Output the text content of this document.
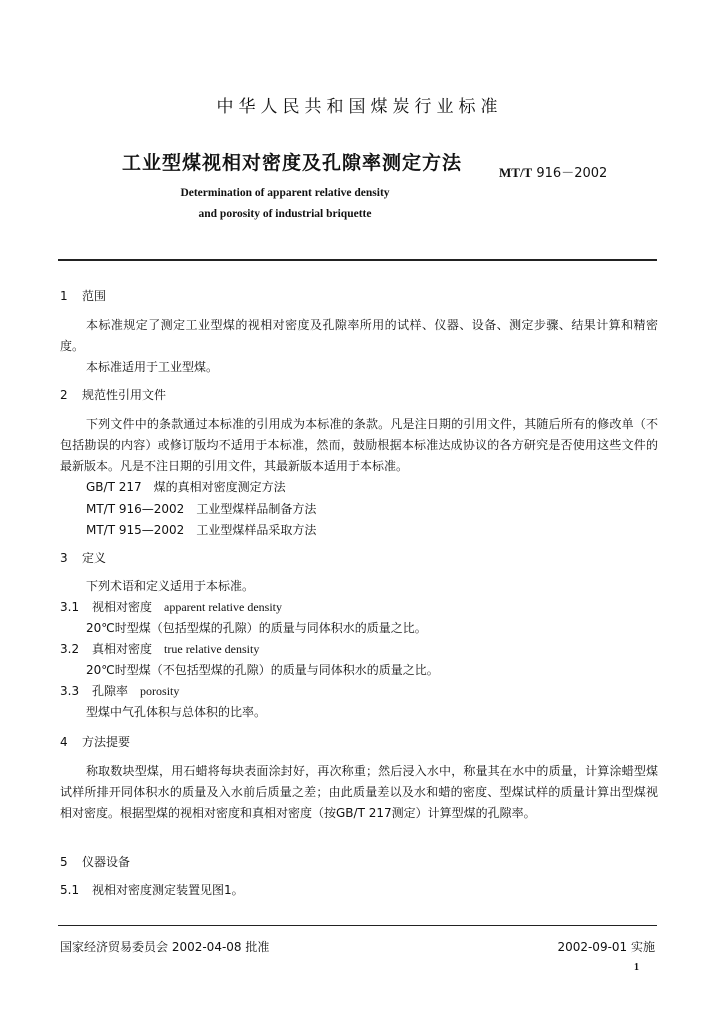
中华人民共和国煤炭行业标准
工业型煤视相对密度及孔隙率测定方法	MT/T 916－2002
Determination of apparent relative density
and porosity of industrial briquette
1 范围
本标准规定了测定工业型煤的视相对密度及孔隙率所用的试样、仪器、设备、测定步骤、结果计算和精密度。
本标准适用于工业型煤。
2 规范性引用文件
下列文件中的条款通过本标准的引用成为本标准的条款。凡是注日期的引用文件，其随后所有的修改单（不包括勘误的内容）或修订版均不适用于本标准，然而，鼓励根据本标准达成协议的各方研究是否使用这些文件的最新版本。凡是不注日期的引用文件，其最新版本适用于本标准。
GB/T 217　煤的真相对密度测定方法
MT/T 916—2002　工业型煤样品制备方法
MT/T 915—2002　工业型煤样品采取方法
3 定义
下列术语和定义适用于本标准。
3.1 视相对密度　 apparent relative density
20℃时型煤（包括型煤的孔隙）的质量与同体积水的质量之比。
3.2 真相对密度　 true relative density
20℃时型煤（不包括型煤的孔隙）的质量与同体积水的质量之比。
3.3 孔隙率　 porosity
型煤中气孔体积与总体积的比率。
4 方法提要
称取数块型煤，用石蜡将每块表面涂封好，再次称重；然后浸入水中，称量其在水中的质量，计算涂蜡型煤试样所排开同体积水的质量及入水前后质量之差；由此质量差以及水和蜡的密度、型煤试样的质量计算出型煤视相对密度。根据型煤的视相对密度和真相对密度（按GB/T 217测定）计算型煤的孔隙率。
5 仪器设备
5.1 视相对密度测定装置见图1。
国家经济贸易委员会 2002-04-08 批准	2002-09-01 实施
1
